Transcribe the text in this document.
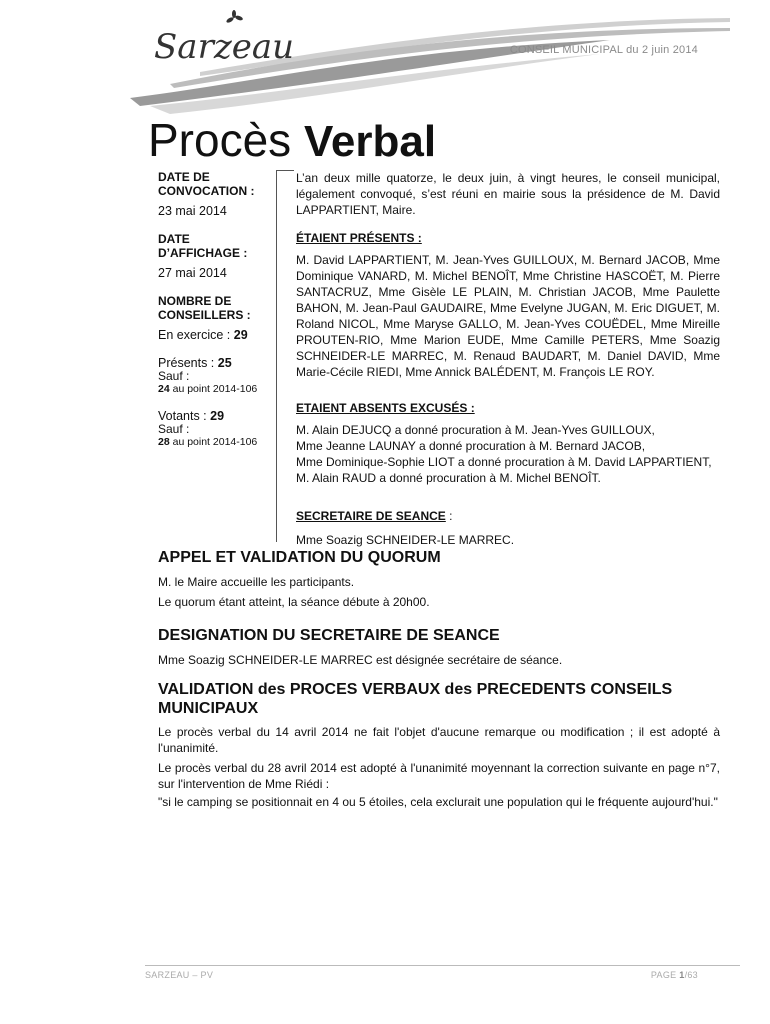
Sarzeau	CONSEIL MUNICIPAL du 2 juin 2014
Procès Verbal
DATE DE CONVOCATION :
23 mai 2014
DATE D’AFFICHAGE :
27 mai 2014
NOMBRE DE CONSEILLERS :
En exercice : 29
Présents : 25
Sauf :
24 au point 2014-106
Votants : 29
Sauf :
28 au point 2014-106

L’an deux mille quatorze, le deux juin, à vingt heures, le conseil municipal, légalement convoqué, s’est réuni en mairie sous la présidence de M. David LAPPARTIENT, Maire.

ÉTAIENT PRÉSENTS :

M. David LAPPARTIENT, M. Jean-Yves GUILLOUX, M. Bernard JACOB, Mme Dominique VANARD, M. Michel BENOÎT, Mme Christine HASCOËT, M. Pierre SANTACRUZ, Mme Gisèle LE PLAIN, M. Christian JACOB, Mme Paulette BAHON, M. Jean-Paul GAUDAIRE, Mme Evelyne JUGAN, M. Eric DIGUET, M. Roland NICOL, Mme Maryse GALLO, M. Jean-Yves COUËDEL, Mme Mireille PROUTEN-RIO, Mme Marion EUDE, Mme Camille PETERS, Mme Soazig SCHNEIDER-LE MARREC, M. Renaud BAUDART, M. Daniel DAVID, Mme Marie-Cécile RIEDI, Mme Annick BALÉDENT, M. François LE ROY.

ETAIENT ABSENTS EXCUSÉS :

M. Alain DEJUCQ a donné procuration à M. Jean-Yves GUILLOUX,
Mme Jeanne LAUNAY a donné procuration à M. Bernard JACOB,
Mme Dominique-Sophie LIOT a donné procuration à M. David LAPPARTIENT,
M. Alain RAUD a donné procuration à M. Michel BENOÎT.

SECRETAIRE DE SEANCE :

Mme Soazig SCHNEIDER-LE MARREC.

APPEL ET VALIDATION DU QUORUM
M. le Maire accueille les participants.
Le quorum étant atteint, la séance débute à 20h00.
DESIGNATION DU SECRETAIRE DE SEANCE
Mme Soazig SCHNEIDER-LE MARREC est désignée secrétaire de séance.
VALIDATION des PROCES VERBAUX des PRECEDENTS CONSEILS
MUNICIPAUX
Le procès verbal du 14 avril 2014 ne fait l'objet d'aucune remarque ou modification ; il est adopté à l'unanimité.
Le procès verbal du 28 avril 2014 est adopté à l'unanimité moyennant la correction suivante en page n°7, sur l'intervention de Mme Riédi :
"si le camping se positionnait en 4 ou 5 étoiles, cela exclurait une population qui le fréquente aujourd'hui."
SARZEAU – PV	PAGE 1/63
